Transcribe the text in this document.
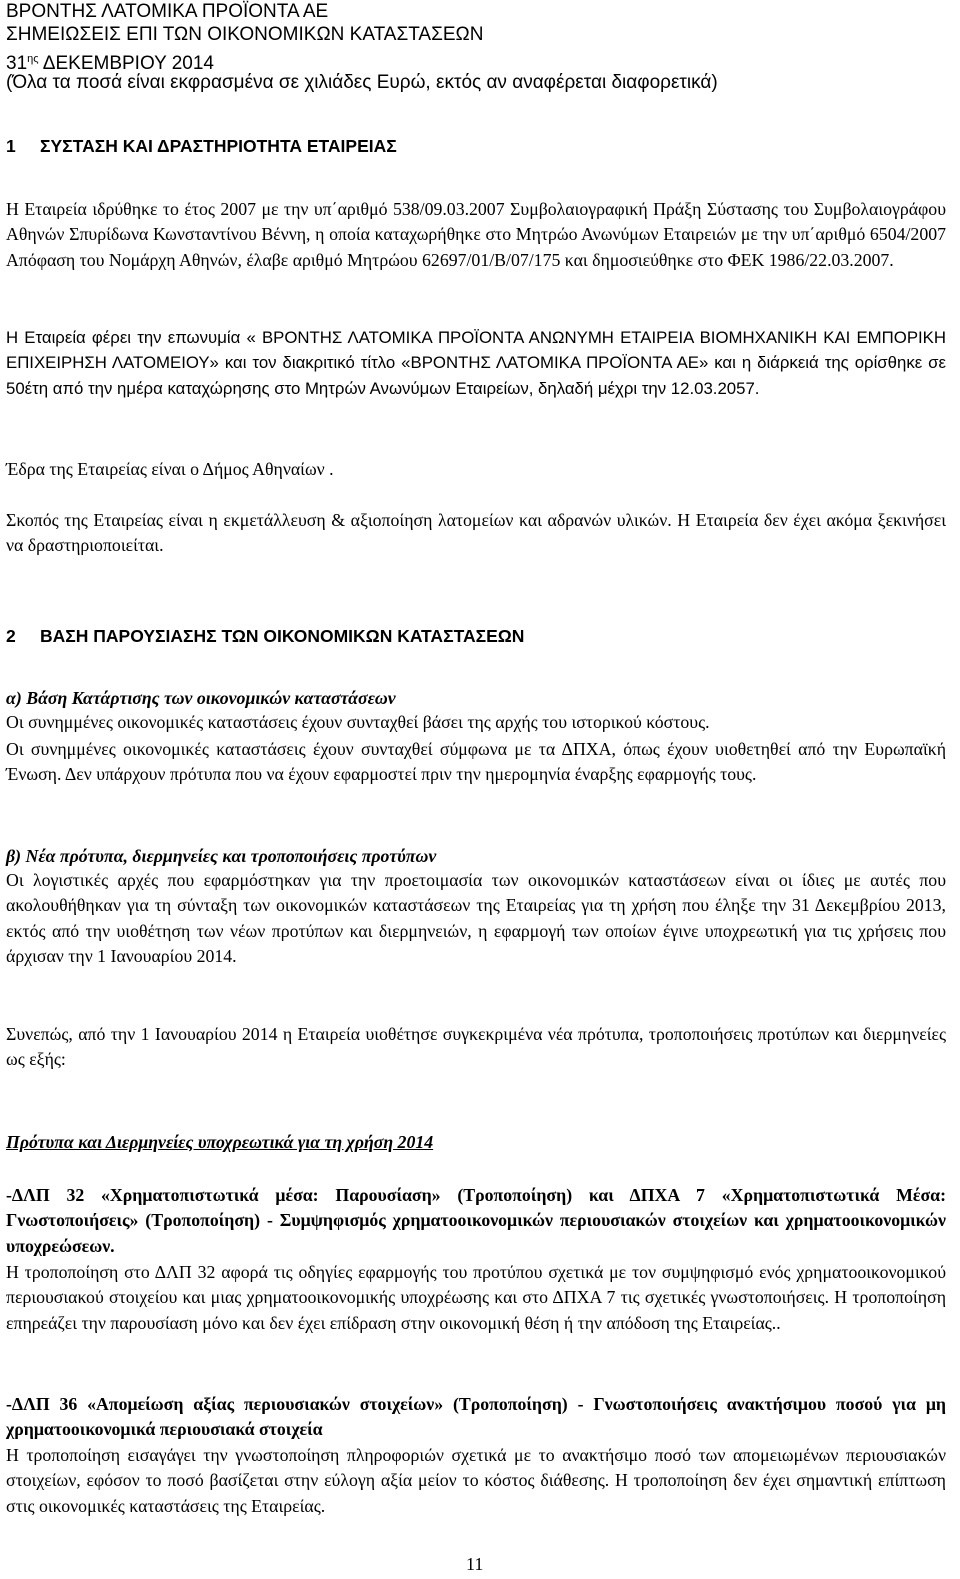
ΒΡΟΝΤΗΣ ΛΑΤΟΜΙΚΑ ΠΡΟΪΟΝΤΑ ΑΕ
ΣΗΜΕΙΩΣΕΙΣ ΕΠΙ ΤΩΝ ΟΙΚΟΝΟΜΙΚΩΝ ΚΑΤΑΣΤΑΣΕΩΝ
$31^{\eta\varsigma}$ ΔΕΚΕΜΒΡΙΟΥ 2014
(Όλα τα ποσά είναι εκφρασμένα σε χιλιάδες Ευρώ, εκτός αν αναφέρεται διαφορετικά)
1 ΣΥΣΤΑΣΗ ΚΑΙ ΔΡΑΣΤΗΡΙΟΤΗΤΑ ΕΤΑΙΡΕΙΑΣ

Η Εταιρεία ιδρύθηκε το έτος 2007 με την υπ΄αριθμό 538/09.03.2007 Συμβολαιογραφική Πράξη Σύστασης του Συμβολαιογράφου Αθηνών Σπυρίδωνα Κωνσταντίνου Βέννη, η οποία καταχωρήθηκε στο Μητρώο Ανωνύμων Εταιρειών με την υπ΄αριθμό 6504/2007 Απόφαση του Νομάρχη Αθηνών, έλαβε αριθμό Μητρώου 62697/01/Β/07/175 και δημοσιεύθηκε στο ΦΕΚ 1986/22.03.2007.

Η Εταιρεία φέρει την επωνυμία « ΒΡΟΝΤΗΣ ΛΑΤΟΜΙΚΑ ΠΡΟΪΟΝΤΑ ΑΝΩΝΥΜΗ ΕΤΑΙΡΕΙΑ ΒΙΟΜΗΧΑΝΙΚΗ ΚΑΙ ΕΜΠΟΡΙΚΗ ΕΠΙΧΕΙΡΗΣΗ ΛΑΤΟΜΕΙΟΥ» και τον διακριτικό τίτλο «ΒΡΟΝΤΗΣ ΛΑΤΟΜΙΚΑ ΠΡΟΪΟΝΤΑ ΑΕ» και η διάρκειά της ορίσθηκε σε 50έτη από την ημέρα καταχώρησης στο Μητρών Ανωνύμων Εταιρείων, δηλαδή μέχρι την 12.03.2057.

Έδρα της Εταιρείας είναι ο Δήμος Αθηναίων .

Σκοπός της Εταιρείας είναι η εκμετάλλευση & αξιοποίηση λατομείων και αδρανών υλικών. Η Εταιρεία δεν έχει ακόμα ξεκινήσει να δραστηριοποιείται.

2 ΒΑΣΗ ΠΑΡΟΥΣΙΑΣΗΣ ΤΩΝ ΟΙΚΟΝΟΜΙΚΩΝ ΚΑΤΑΣΤΑΣΕΩΝ

α) Βάση Κατάρτισης των οικονομικών καταστάσεων

Οι συνημμένες οικονομικές καταστάσεις έχουν συνταχθεί βάσει της αρχής του ιστορικού κόστους.

Οι συνημμένες οικονομικές καταστάσεις έχουν συνταχθεί σύμφωνα με τα ΔΠΧΑ, όπως έχουν υιοθετηθεί από την Ευρωπαϊκή Ένωση. Δεν υπάρχουν πρότυπα που να έχουν εφαρμοστεί πριν την ημερομηνία έναρξης εφαρμογής τους.

β) Νέα πρότυπα, διερμηνείες και τροποποιήσεις προτύπων

Οι λογιστικές αρχές που εφαρμόστηκαν για την προετοιμασία των οικονομικών καταστάσεων είναι οι ίδιες με αυτές που ακολουθήθηκαν για τη σύνταξη των οικονομικών καταστάσεων της Εταιρείας για τη χρήση που έληξε την 31 Δεκεμβρίου 2013, εκτός από την υιοθέτηση των νέων προτύπων και διερμηνειών, η εφαρμογή των οποίων έγινε υποχρεωτική για τις χρήσεις που άρχισαν την 1 Ιανουαρίου 2014.

Συνεπώς, από την 1 Ιανουαρίου 2014 η Εταιρεία υιοθέτησε συγκεκριμένα νέα πρότυπα, τροποποιήσεις προτύπων και διερμηνείες ως εξής:

Πρότυπα και Διερμηνείες υποχρεωτικά για τη χρήση 2014

-ΔΛΠ 32 «Χρηματοπιστωτικά μέσα: Παρουσίαση» (Τροποποίηση) και ΔΠΧΑ 7 «Χρηματοπιστωτικά Μέσα: Γνωστοποιήσεις» (Τροποποίηση) - Συμψηφισμός χρηματοοικονομικών περιουσιακών στοιχείων και χρηματοοικονομικών υποχρεώσεων.

Η τροποποίηση στο ΔΛΠ 32 αφορά τις οδηγίες εφαρμογής του προτύπου σχετικά με τον συμψηφισμό ενός χρηματοοικονομικού περιουσιακού στοιχείου και μιας χρηματοοικονομικής υποχρέωσης και στο ΔΠΧΑ 7 τις σχετικές γνωστοποιήσεις. Η τροποποίηση επηρεάζει την παρουσίαση μόνο και δεν έχει επίδραση στην οικονομική θέση ή την απόδοση της Εταιρείας..

-ΔΛΠ 36 «Απομείωση αξίας περιουσιακών στοιχείων» (Τροποποίηση) - Γνωστοποιήσεις ανακτήσιμου ποσού για μη χρηματοοικονομικά περιουσιακά στοιχεία

Η τροποποίηση εισαγάγει την γνωστοποίηση πληροφοριών σχετικά με το ανακτήσιμο ποσό των απομειωμένων περιουσιακών στοιχείων, εφόσον το ποσό βασίζεται στην εύλογη αξία μείον το κόστος διάθεσης. Η τροποποίηση δεν έχει σημαντική επίπτωση στις οικονομικές καταστάσεις της Εταιρείας.

11
